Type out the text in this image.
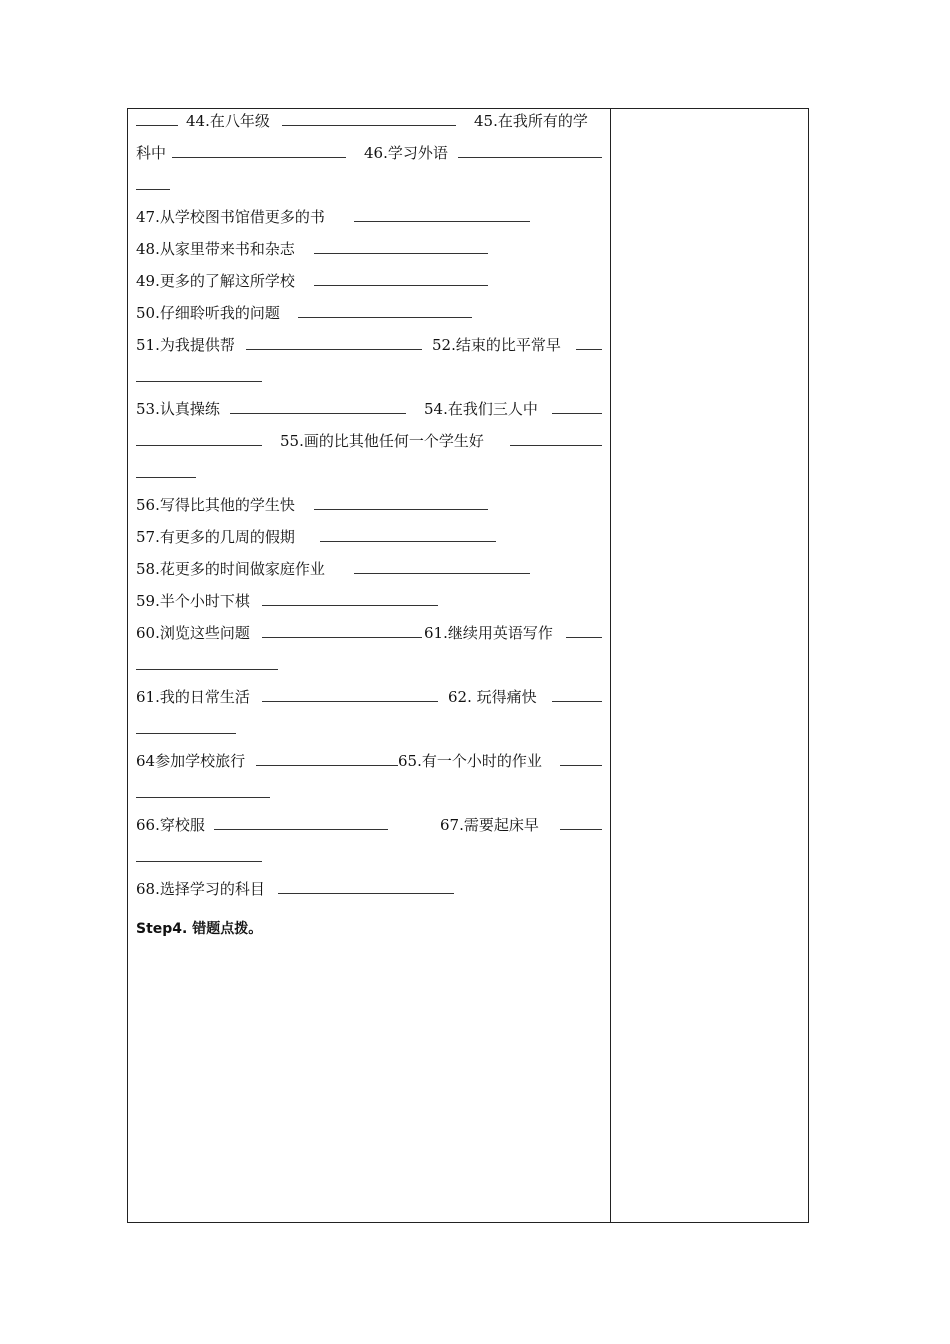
44.在八年级	45.在我所有的学
科中	46.学习外语
47.从学校图书馆借更多的书
48.从家里带来书和杂志
49.更多的了解这所学校
50.仔细聆听我的问题
51.为我提供帮	52.结束的比平常早
53.认真操练	54.在我们三人中
55.画的比其他任何一个学生好
56.写得比其他的学生快
57.有更多的几周的假期
58.花更多的时间做家庭作业
59.半个小时下棋
60.浏览这些问题	61.继续用英语写作
61.我的日常生活	62. 玩得痛快
64参加学校旅行	65.有一个小时的作业
66.穿校服	67.需要起床早
68.选择学习的科目
Step4. 错题点拨。
